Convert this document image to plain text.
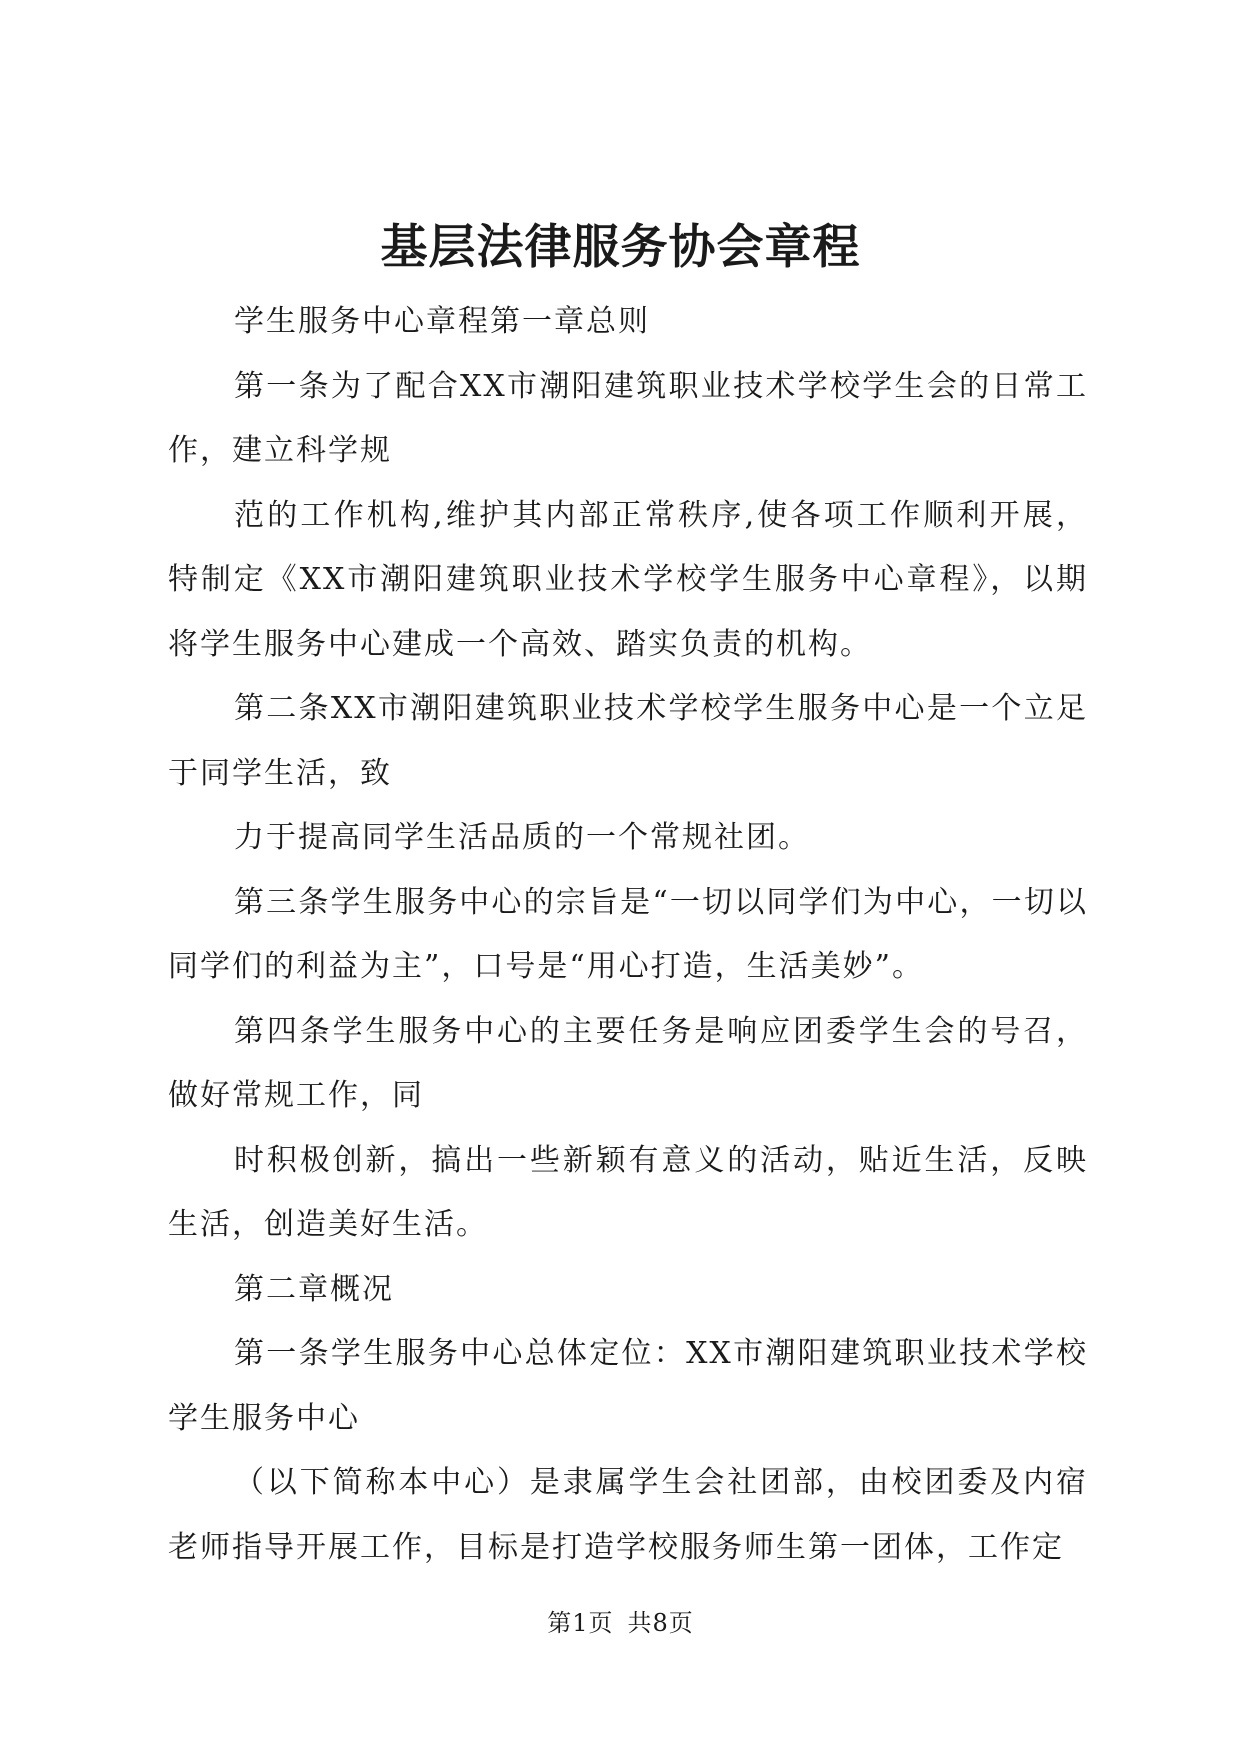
基层法律服务协会章程

学生服务中心章程第一章总则

第一条为了配合XX市潮阳建筑职业技术学校学生会的日常工作，建立科学规

范的工作机构,维护其内部正常秩序,使各项工作顺利开展，特制定《XX市潮阳建筑职业技术学校学生服务中心章程》，以期将学生服务中心建成一个高效、踏实负责的机构。

第二条XX市潮阳建筑职业技术学校学生服务中心是一个立足于同学生活，致

力于提高同学生活品质的一个常规社团。

第三条学生服务中心的宗旨是“一切以同学们为中心，一切以同学们的利益为主”，口号是“用心打造，生活美妙”。

第四条学生服务中心的主要任务是响应团委学生会的号召，做好常规工作，同

时积极创新，搞出一些新颖有意义的活动，贴近生活，反映生活，创造美好生活。

第二章概况

第一条学生服务中心总体定位：XX市潮阳建筑职业技术学校学生服务中心

（以下简称本中心）是隶属学生会社团部，由校团委及内宿老师指导开展工作，目标是打造学校服务师生第一团体，工作定

第1页 共8页
